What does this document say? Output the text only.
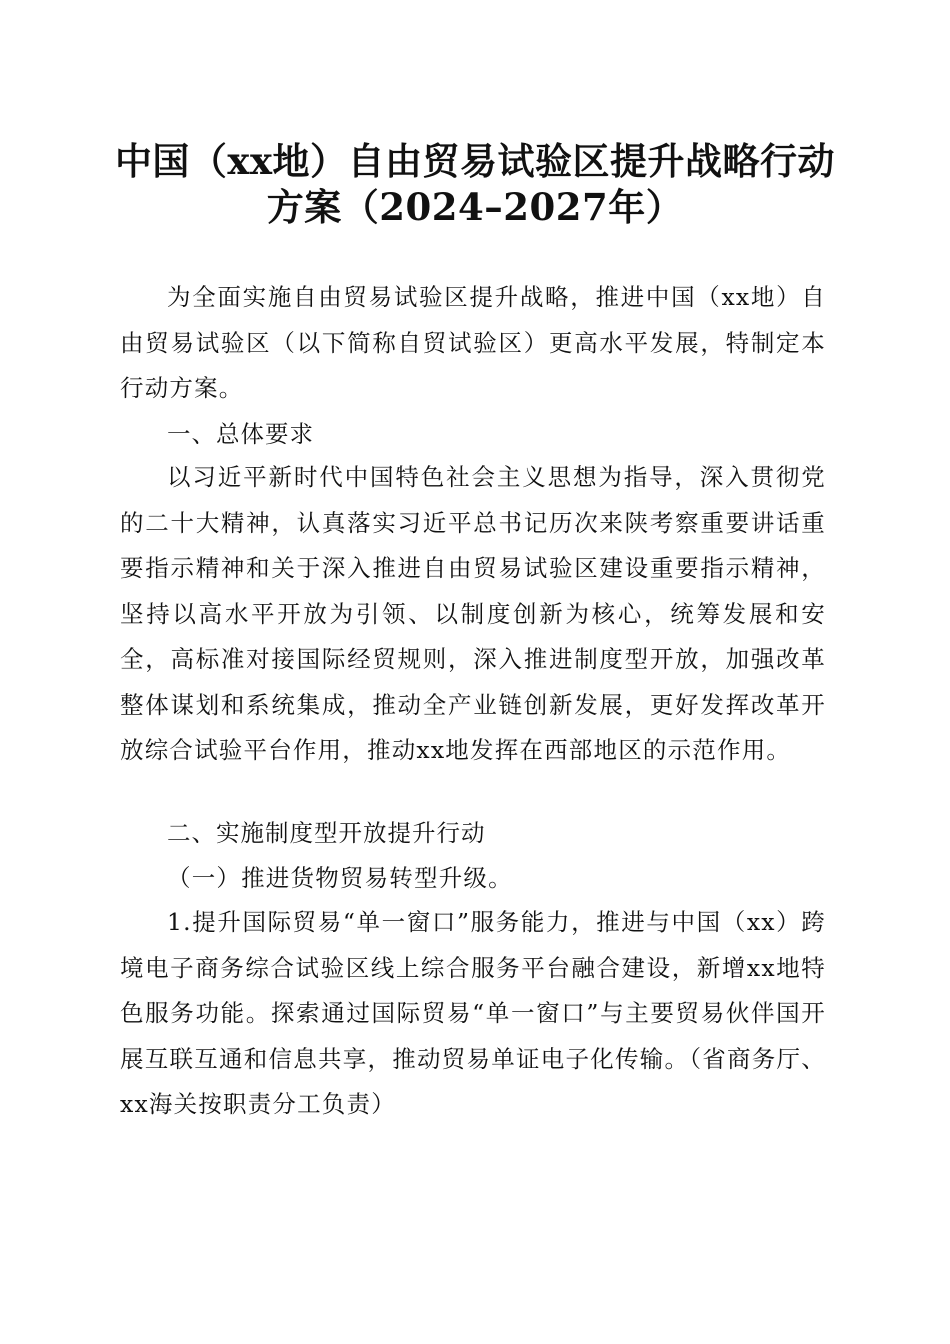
中国（xx地）自由贸易试验区提升战略行动
方案（2024–2027年）

为全面实施自由贸易试验区提升战略，推进中国（xx地）自由贸易试验区（以下简称自贸试验区）更高水平发展，特制定本行动方案。

一、总体要求

以习近平新时代中国特色社会主义思想为指导，深入贯彻党的二十大精神，认真落实习近平总书记历次来陕考察重要讲话重要指示精神和关于深入推进自由贸易试验区建设重要指示精神，坚持以高水平开放为引领、以制度创新为核心，统筹发展和安全，高标准对接国际经贸规则，深入推进制度型开放，加强改革整体谋划和系统集成，推动全产业链创新发展，更好发挥改革开放综合试验平台作用，推动xx地发挥在西部地区的示范作用。

二、实施制度型开放提升行动
（一）推进货物贸易转型升级。

1.提升国际贸易“单一窗口”服务能力，推进与中国（xx）跨境电子商务综合试验区线上综合服务平台融合建设，新增xx地特色服务功能。探索通过国际贸易“单一窗口”与主要贸易伙伴国开展互联互通和信息共享，推动贸易单证电子化传输。（省商务厅、xx海关按职责分工负责）
